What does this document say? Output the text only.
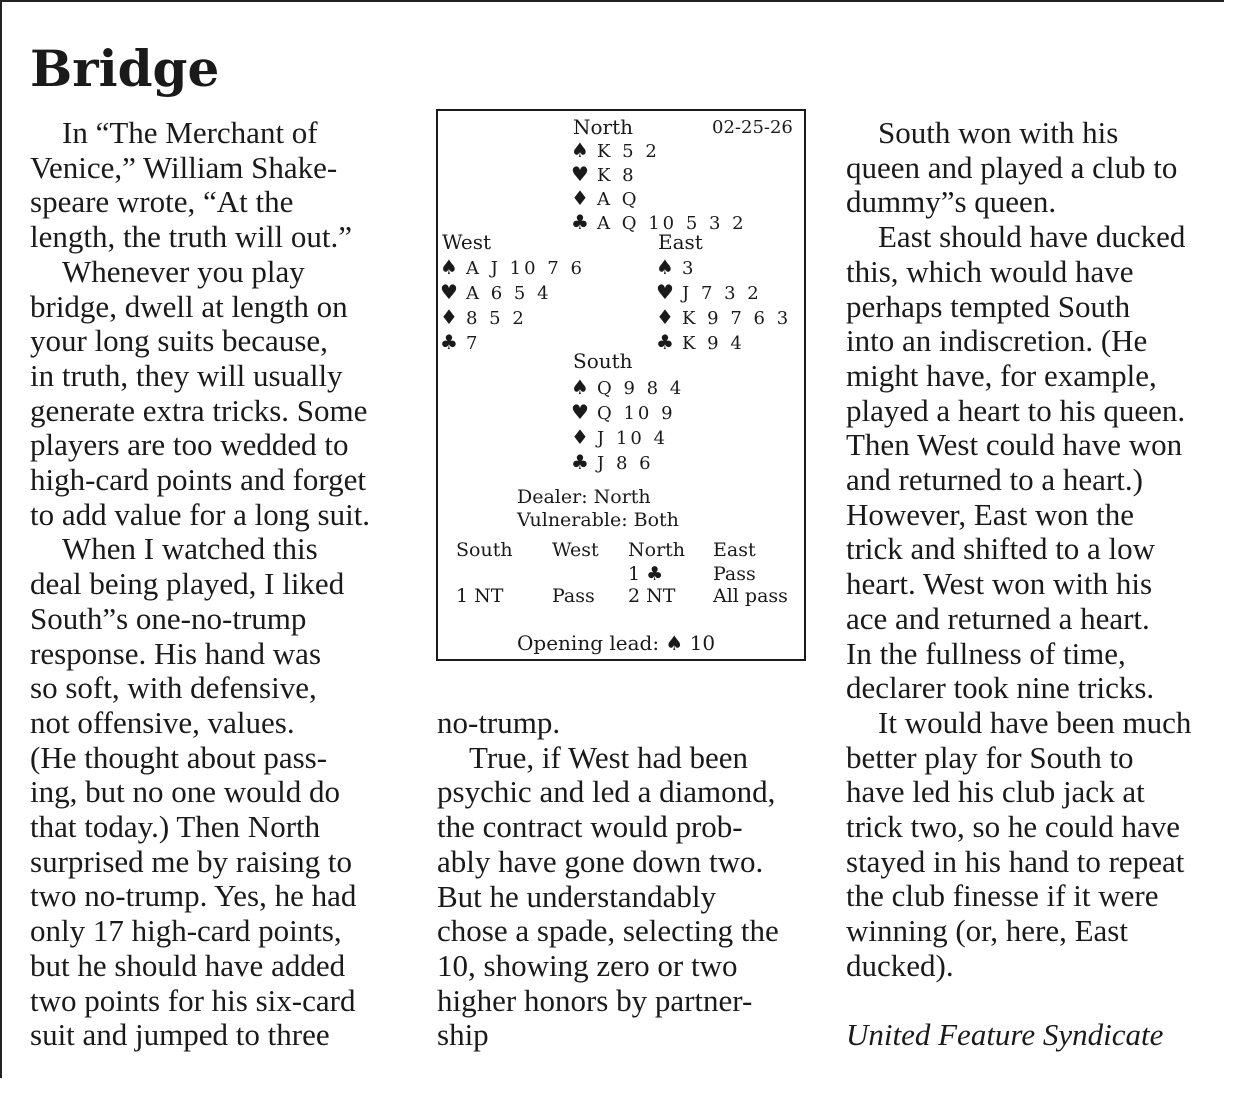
Bridge

In “The Merchant of
Venice,” William Shake-
speare wrote, “At the
length, the truth will out.”

Whenever you play
bridge, dwell at length on
your long suits because,
in truth, they will usually
generate extra tricks. Some
players are too wedded to
high-card points and forget
to add value for a long suit.

When I watched this
deal being played, I liked
South”s one-no-trump
response. His hand was
so soft, with defensive,
not offensive, values.
(He thought about pass-
ing, but no one would do
that today.) Then North
surprised me by raising to
two no-trump. Yes, he had
only 17 high-card points,
but he should have added
two points for his six-card
suit and jumped to three

no-trump.

True, if West had been
psychic and led a diamond,
the contract would prob-
ably have gone down two.
But he understandably
chose a spade, selecting the
10, showing zero or two
higher honors by partner-
ship

South won with his
queen and played a club to
dummy”s queen.

East should have ducked
this, which would have
perhaps tempted South
into an indiscretion. (He
might have, for example,
played a heart to his queen.
Then West could have won
and returned to a heart.)
However, East won the
trick and shifted to a low
heart. West won with his
ace and returned a heart.
In the fullness of time,
declarer took nine tricks.

It would have been much
better play for South to
have led his club jack at
trick two, so he could have
stayed in his hand to repeat
the club finesse if it were
winning (or, here, East
ducked).

United Feature Syndicate

02-25-26
North
♠ K 5 2
♥ K 8
♦ A Q
♣ A Q 10 5 3 2
West
♠ A J 10 7 6
♥ A 6 5 4
♦ 8 5 2
♣ 7
East
♠ 3
♥ J 7 3 2
♦ K 9 7 6 3
♣ K 9 4
South
♠ Q 9 8 4
♥ Q 10 9
♦ J 10 4
♣ J 8 6
Dealer: North
Vulnerable: Both
South West North East
1 ♣	Pass
1 NT	Pass 2 NT All pass
Opening lead: ♠ 10
